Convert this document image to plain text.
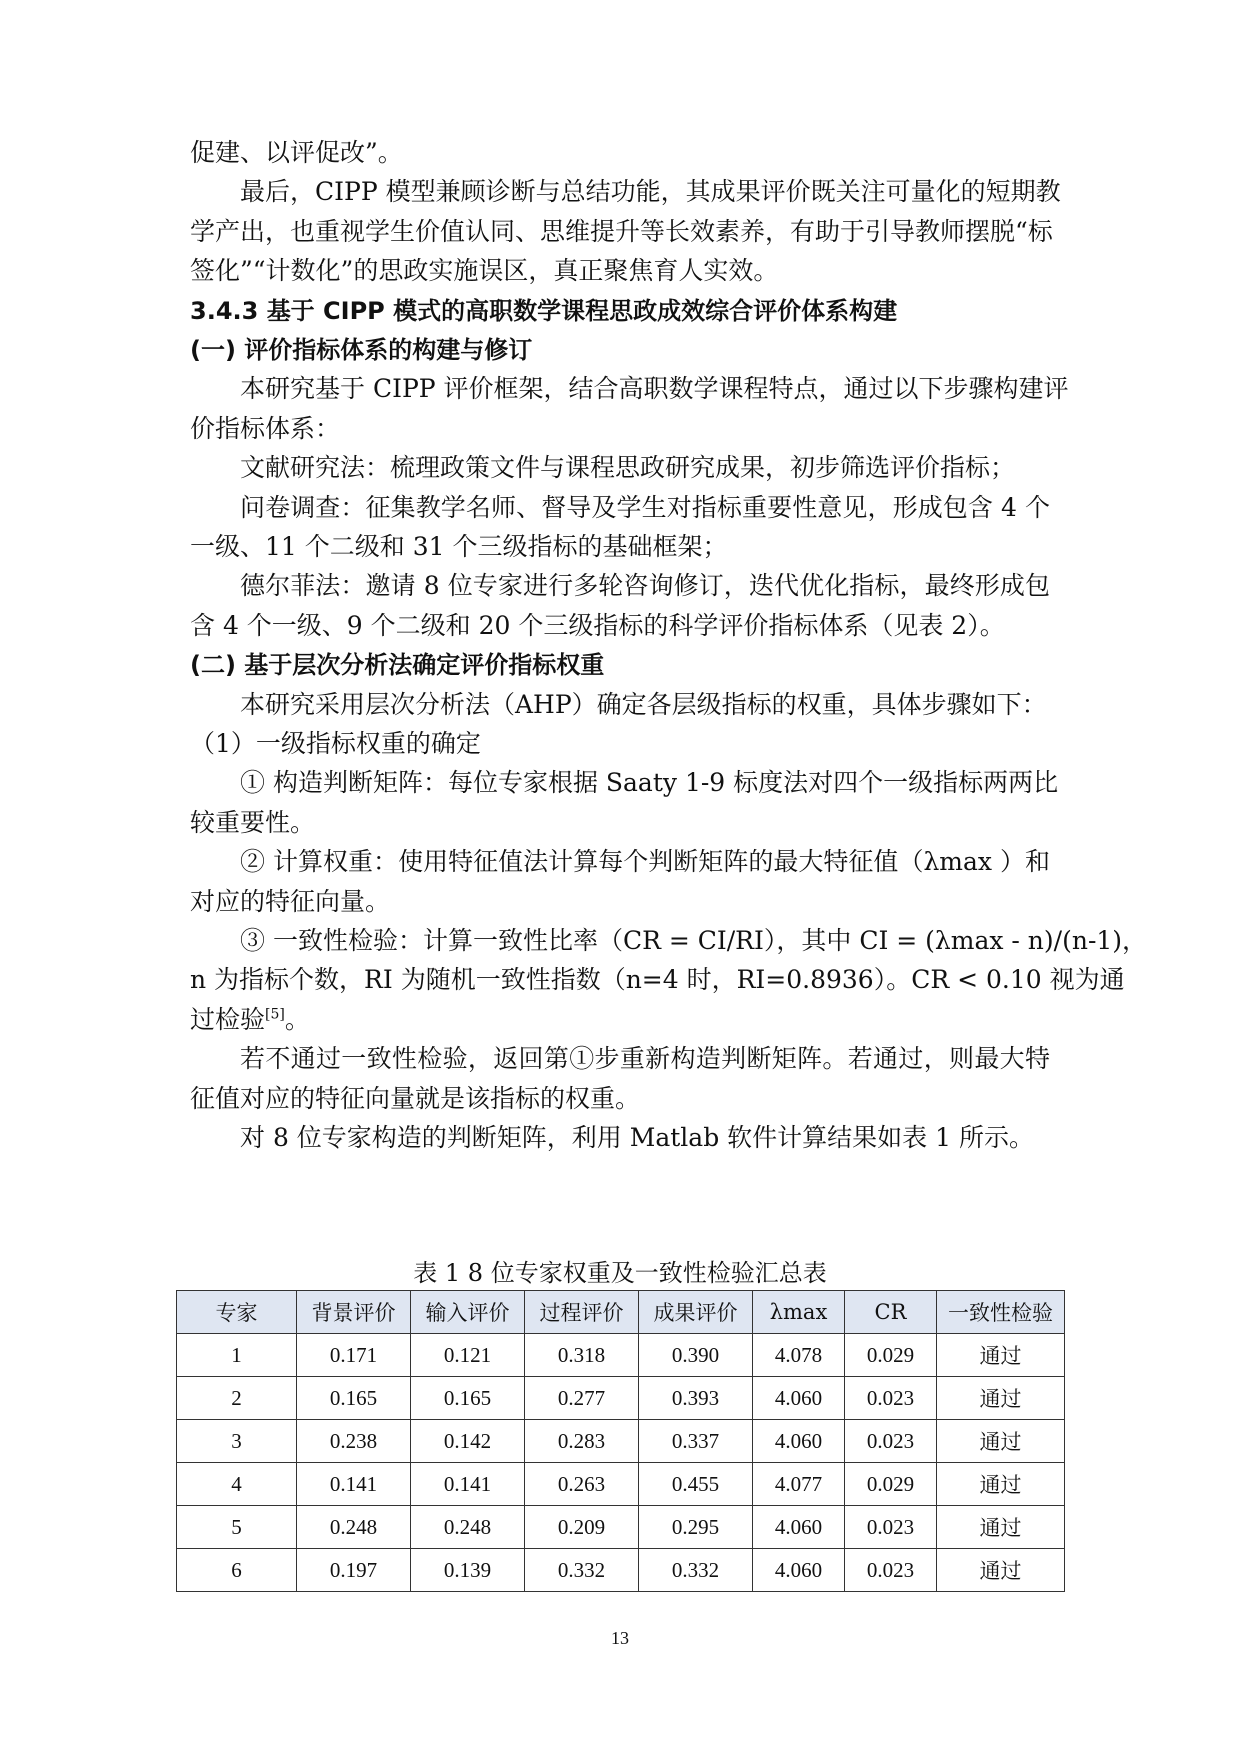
促建、以评促改”。
最后，CIPP 模型兼顾诊断与总结功能，其成果评价既关注可量化的短期教
学产出，也重视学生价值认同、思维提升等长效素养，有助于引导教师摆脱“标
签化”“计数化”的思政实施误区，真正聚焦育人实效。
3.4.3 基于 CIPP 模式的高职数学课程思政成效综合评价体系构建
(一) 评价指标体系的构建与修订
本研究基于 CIPP 评价框架，结合高职数学课程特点，通过以下步骤构建评
价指标体系：
文献研究法：梳理政策文件与课程思政研究成果，初步筛选评价指标；
问卷调查：征集教学名师、督导及学生对指标重要性意见，形成包含 4 个
一级、11 个二级和 31 个三级指标的基础框架；
德尔菲法：邀请 8 位专家进行多轮咨询修订，迭代优化指标，最终形成包
含 4 个一级、9 个二级和 20 个三级指标的科学评价指标体系（见表 2）。
(二) 基于层次分析法确定评价指标权重
本研究采用层次分析法（AHP）确定各层级指标的权重，具体步骤如下：
（1）一级指标权重的确定
① 构造判断矩阵：每位专家根据 Saaty 1-9 标度法对四个一级指标两两比
较重要性。
② 计算权重：使用特征值法计算每个判断矩阵的最大特征值（λmax ）和
对应的特征向量。
③ 一致性检验：计算一致性比率（CR = CI/RI），其中 CI = (λmax - n)/(n-1)，
n 为指标个数，RI 为随机一致性指数（n=4 时，RI=0.8936）。CR < 0.10 视为通
过检验[5]。
若不通过一致性检验，返回第①步重新构造判断矩阵。若通过，则最大特
征值对应的特征向量就是该指标的权重。
对 8 位专家构造的判断矩阵，利用 Matlab 软件计算结果如表 1 所示。
表 1 8 位专家权重及一致性检验汇总表
专家	背景评价	输入评价	过程评价	成果评价	λmax	CR	一致性检验
1	0.171	0.121	0.318	0.390	4.078	0.029	通过
2	0.165	0.165	0.277	0.393	4.060	0.023	通过
3	0.238	0.142	0.283	0.337	4.060	0.023	通过
4	0.141	0.141	0.263	0.455	4.077	0.029	通过
5	0.248	0.248	0.209	0.295	4.060	0.023	通过
6	0.197	0.139	0.332	0.332	4.060	0.023	通过
13
